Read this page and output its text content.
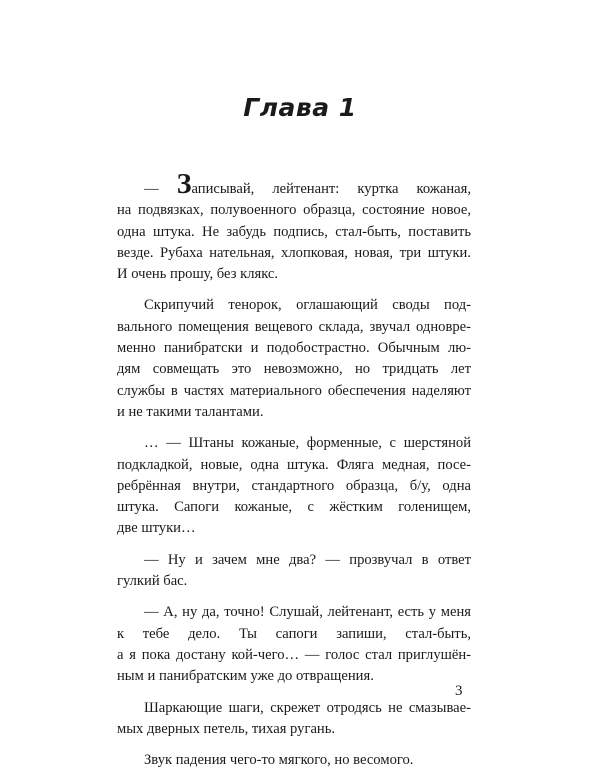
Глава 1

— Записывай, лейтенант: куртка кожаная,
на подвязках, полувоенного образца, состояние новое,
одна штука. Не забудь подпись, стал-быть, поставить
везде. Рубаха нательная, хлопковая, новая, три штуки.
И очень прошу, без клякс.

Скрипучий тенорок, оглашающий своды под-
вального помещения вещевого склада, звучал одновре-
менно панибратски и подобострастно. Обычным лю-
дям совмещать это невозможно, но тридцать лет
службы в частях материального обеспечения наделяют
и не такими талантами.

… — Штаны кожаные, форменные, с шерстяной
подкладкой, новые, одна штука. Фляга медная, посе-
ребрённая внутри, стандартного образца, б/у, одна
штука. Сапоги кожаные, с жёстким голенищем,
две штуки…

— Ну и зачем мне два? — прозвучал в ответ
гулкий бас.

— А, ну да, точно! Слушай, лейтенант, есть у меня
к тебе дело. Ты сапоги запиши, стал-быть,
а я пока достану кой-чего… — голос стал приглушён-
ным и панибратским уже до отвращения.

Шаркающие шаги, скрежет отродясь не смазывае-
мых дверных петель, тихая ругань.

Звук падения чего-то мягкого, но весомого.

3
